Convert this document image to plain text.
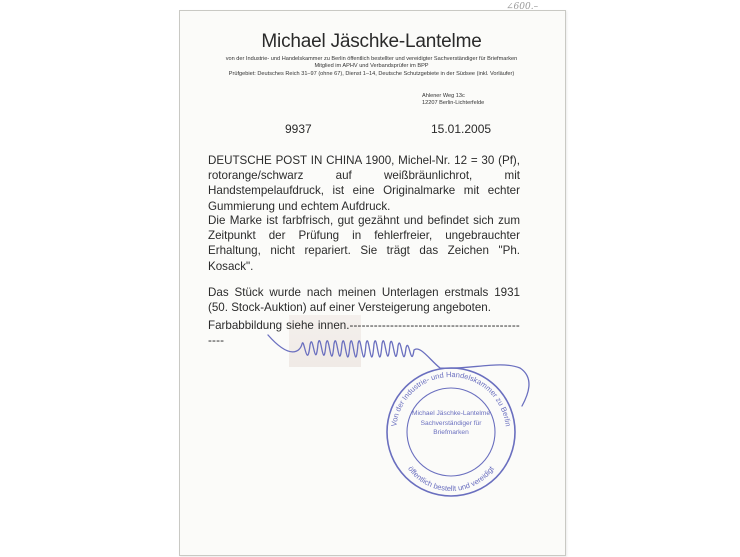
∠600.–
Michael Jäschke-Lantelme
von der Industrie- und Handelskammer zu Berlin öffentlich bestellter und vereidigter Sachverständiger für Briefmarken
Mitglied im APHV und Verbandsprüfer im BPP
Prüfgebiet: Deutsches Reich 31–97 (ohne 67), Dienst 1–14, Deutsche Schutzgebiete in der Südsee (inkl. Vorläufer)
Ahlener Weg 13c
12207 Berlin-Lichterfelde
9937	15.01.2005
DEUTSCHE POST IN CHINA 1900, Michel-Nr. 12 = 30 (Pf), rotorange/schwarz auf weißbräunlichrot, mit Handstempelaufdruck, ist eine Originalmarke mit echter Gummierung und echtem Aufdruck.
Die Marke ist farbfrisch, gut gezähnt und befindet sich zum Zeitpunkt der Prüfung in fehlerfreier, ungebrauchter Erhaltung, nicht repariert. Sie trägt das Zeichen "Ph. Kosack".
Das Stück wurde nach meinen Unterlagen erstmals 1931 (50. Stock-Auktion) auf einer Versteigerung angeboten.
Farbabbildung siehe innen.----------------------------------------------
Von der Industrie- und Handelskammer zu Berlin
öffentlich bestellt und vereidigt
Michael Jäschke-Lantelme
Sachverständiger für
Briefmarken
